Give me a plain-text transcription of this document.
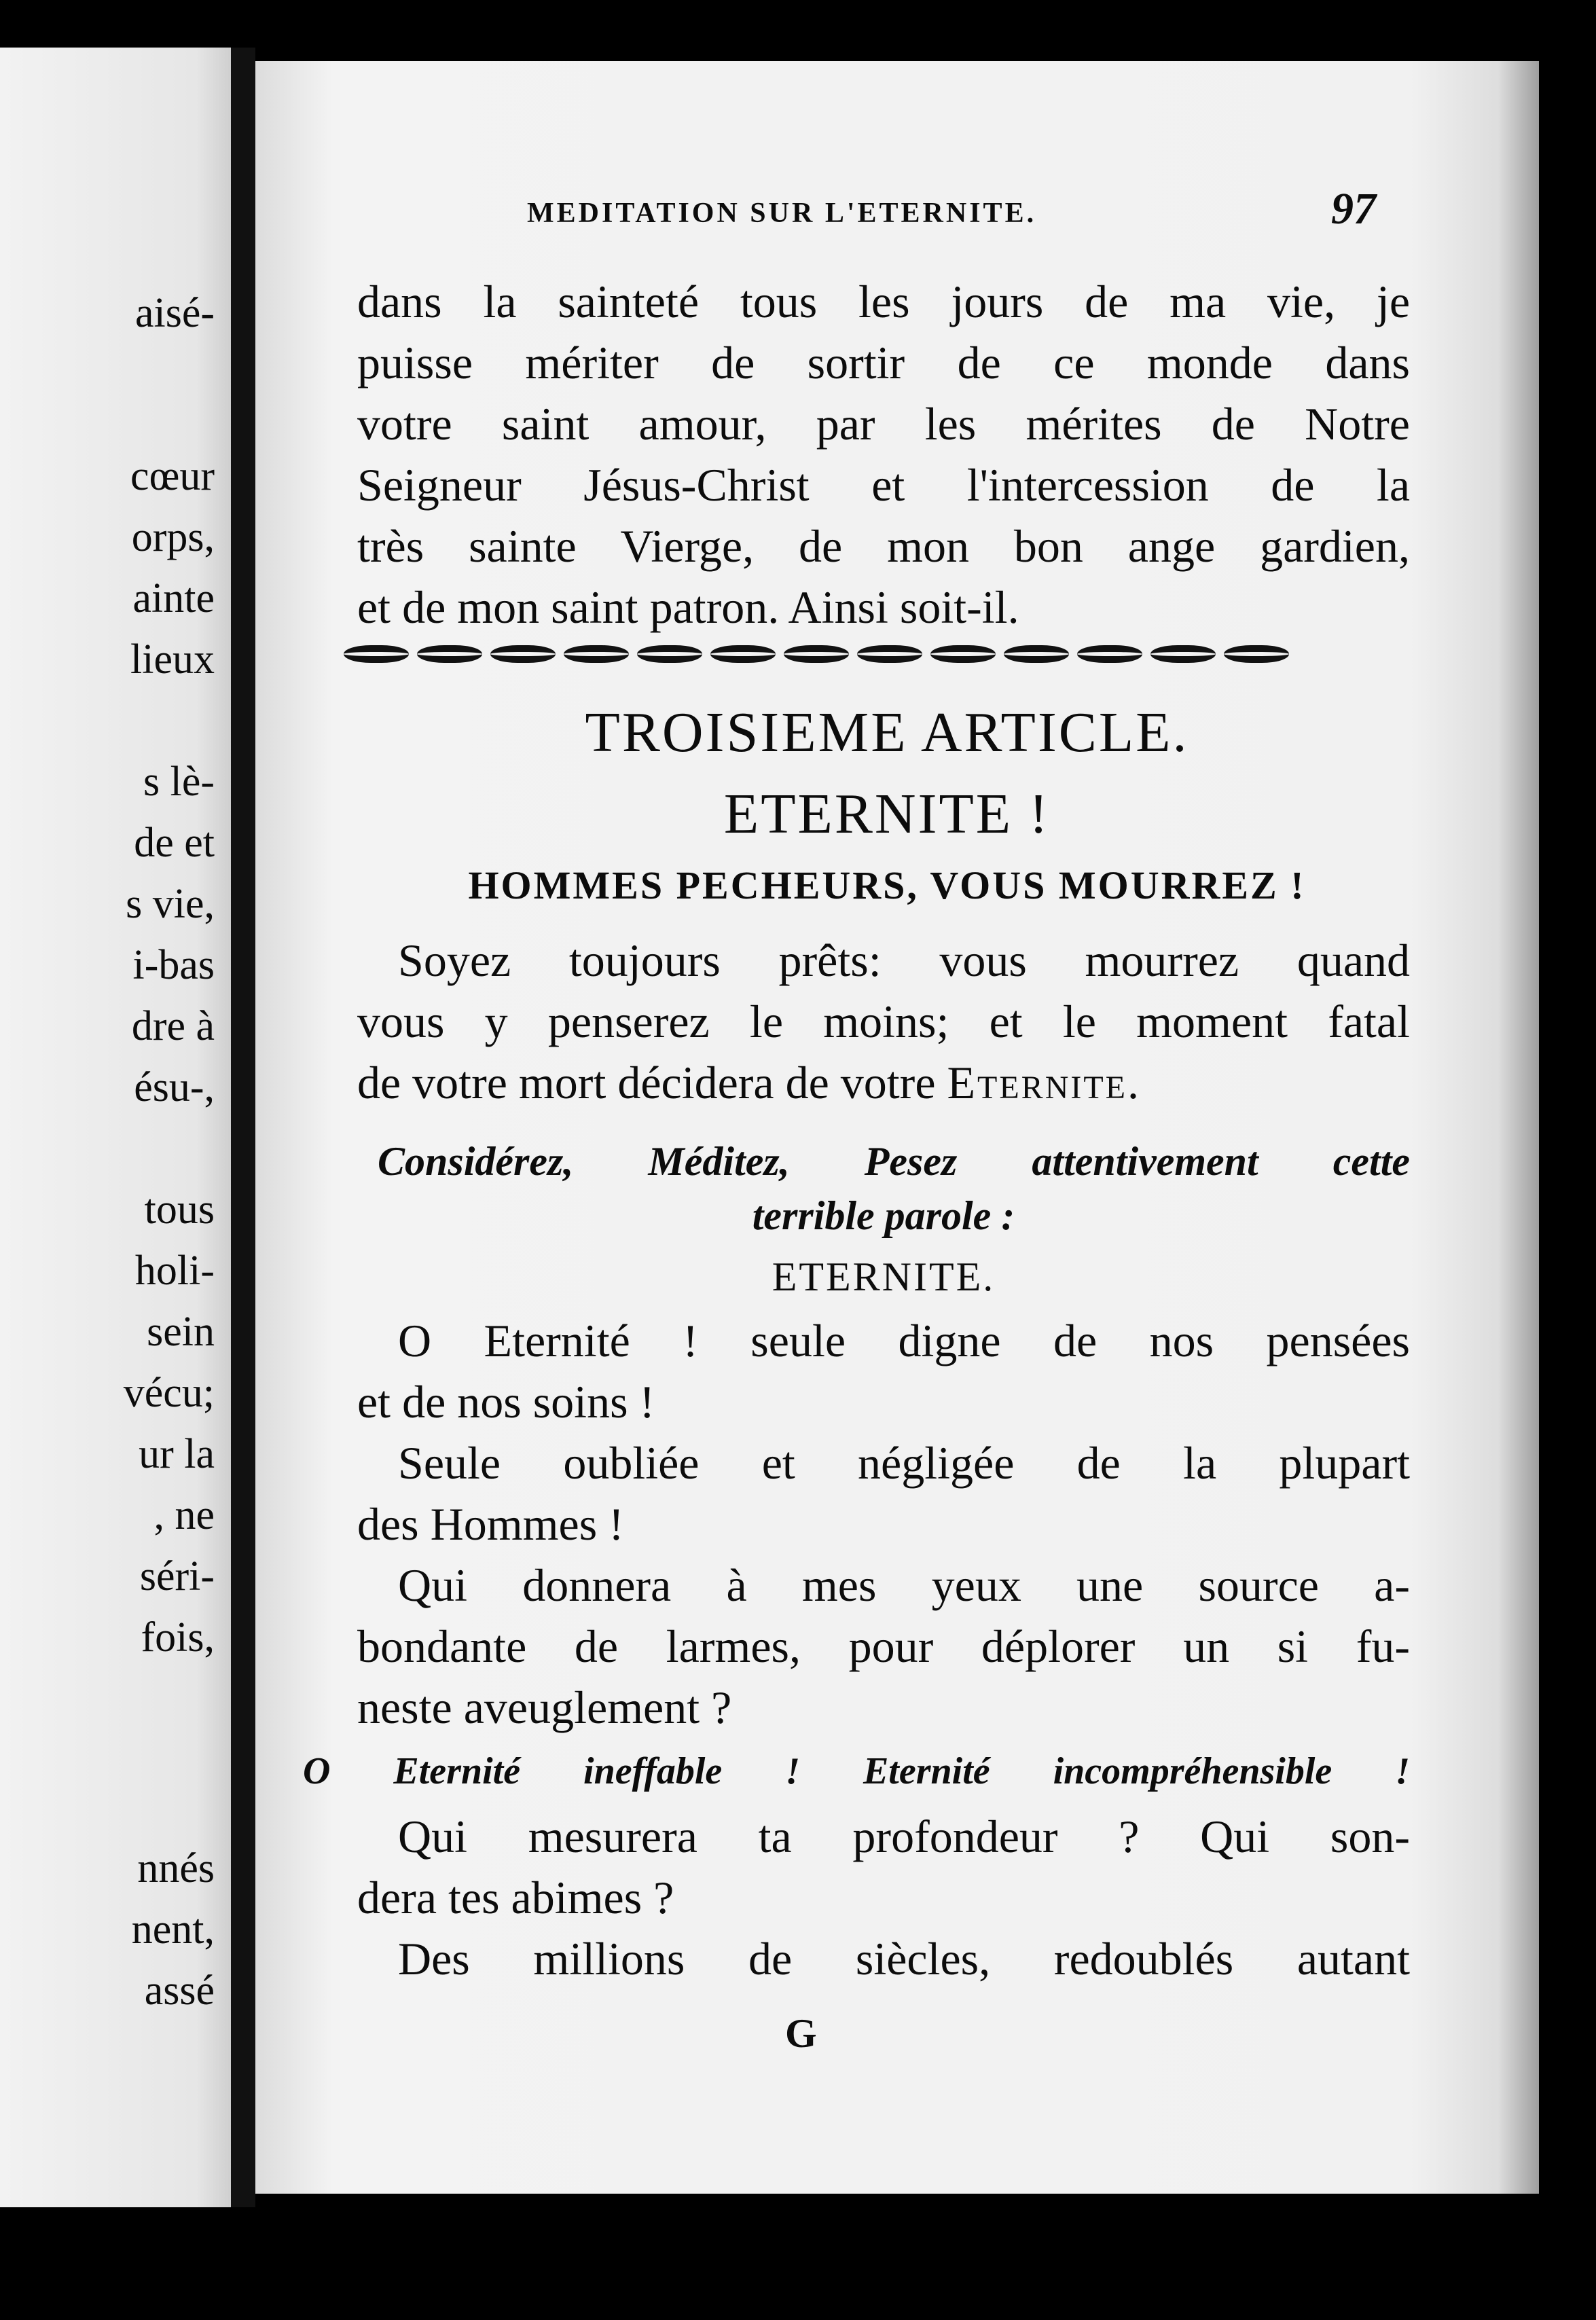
aisé-
cœur
orps,
ainte
lieux
s lè-
de et
s vie,
i-bas
dre à
ésu-,
tous
holi-
sein
vécu;
ur la
, ne
séri-
fois,
nnés
nent,
assé
MEDITATION SUR L'ETERNITE.	97
dans la sainteté tous les jours de ma vie, je
puisse mériter de sortir de ce monde dans
votre saint amour, par les mérites de Notre
Seigneur Jésus-Christ et l'intercession de la
très sainte Vierge, de mon bon ange gardien,
et de mon saint patron. Ainsi soit-il.
TROISIEME ARTICLE.
ETERNITE !
HOMMES PECHEURS, VOUS MOURREZ !
Soyez toujours prêts: vous mourrez quand
vous y penserez le moins; et le moment fatal
de votre mort décidera de votre Eternite.
Considérez, Méditez, Pesez attentivement cette
terrible parole :
ETERNITE.
O Eternité ! seule digne de nos pensées
et de nos soins !
Seule oubliée et négligée de la plupart
des Hommes !
Qui donnera à mes yeux une source a-
bondante de larmes, pour déplorer un si fu-
neste aveuglement ?
O Eternité ineffable ! Eternité incompréhensible !
Qui mesurera ta profondeur ? Qui son-
dera tes abimes ?
Des millions de siècles, redoublés autant
G
